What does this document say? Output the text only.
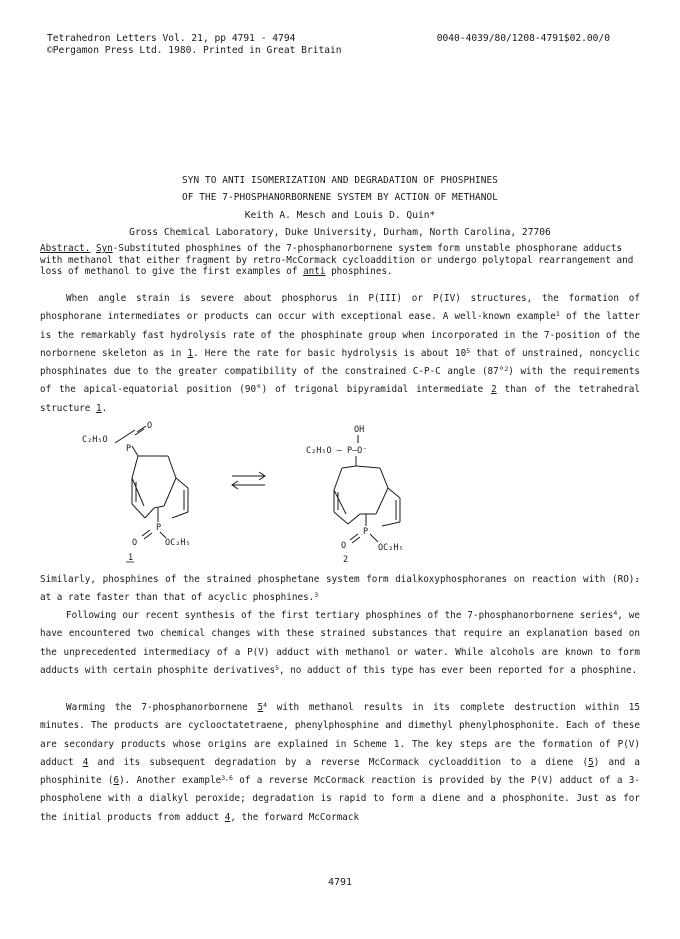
Tetrahedron Letters Vol. 21, pp 4791 - 4794
©Pergamon Press Ltd. 1980. Printed in Great Britain
0040-4039/80/1208-4791$02.00/0
SYN TO ANTI ISOMERIZATION AND DEGRADATION OF PHOSPHINES
OF THE 7-PHOSPHANORBORNENE SYSTEM BY ACTION OF METHANOL
Keith A. Mesch and Louis D. Quin*
Gross Chemical Laboratory, Duke University, Durham, North Carolina, 27706
Abstract. Syn-Substituted phosphines of the 7-phosphanorbornene system form unstable phosphorane adducts with methanol that either fragment by retro-McCormack cycloaddition or undergo polytopal rearrangement and loss of methanol to give the first examples of anti phosphines.
When angle strain is severe about phosphorus in P(III) or P(IV) structures, the formation of phosphorane intermediates or products can occur with exceptional ease. A well-known example$^1$ of the latter is the remarkably fast hydrolysis rate of the phosphinate group when incorporated in the 7-position of the norbornene skeleton as in 1. Here the rate for basic hydrolysis is about $10^5$ that of unstrained, noncyclic phosphinates due to the greater compatibility of the constrained C-P-C angle (87°$^2$) with the requirements of the apical-equatorial position (90°) of trigonal bipyramidal intermediate 2 than of the tetrahedral structure 1.
C₂H₅O
O
P
P
O	OC₂H₅
1
OH
C₂H₅O — P—O⁻
P
O	OC₂H₅
2
Similarly, phosphines of the strained phosphetane system form dialkoxyphosphoranes on reaction with (RO)₂ at a rate faster than that of acyclic phosphines.$^3$
Following our recent synthesis of the first tertiary phosphines of the 7-phosphanorbornene series$^4$, we have encountered two chemical changes with these strained substances that require an explanation based on the unprecedented intermediacy of a P(V) adduct with methanol or water. While alcohols are known to form adducts with certain phosphite derivatives$^5$, no adduct of this type has ever been reported for a phosphine.
Warming the 7-phosphanorbornene $5^4$ with methanol results in its complete destruction within 15 minutes. The products are cyclooctatetraene, phenylphosphine and dimethyl phenylphosphonite. Each of these are secondary products whose origins are explained in Scheme 1. The key steps are the formation of P(V) adduct 4 and its subsequent degradation by a reverse McCormack cycloaddition to a diene (5) and a phosphinite (6). Another example$^{3,6}$ of a reverse McCormack reaction is provided by the P(V) adduct of a 3-phospholene with a dialkyl peroxide; degradation is rapid to form a diene and a phosphonite. Just as for the initial products from adduct 4, the forward McCormack
4791
